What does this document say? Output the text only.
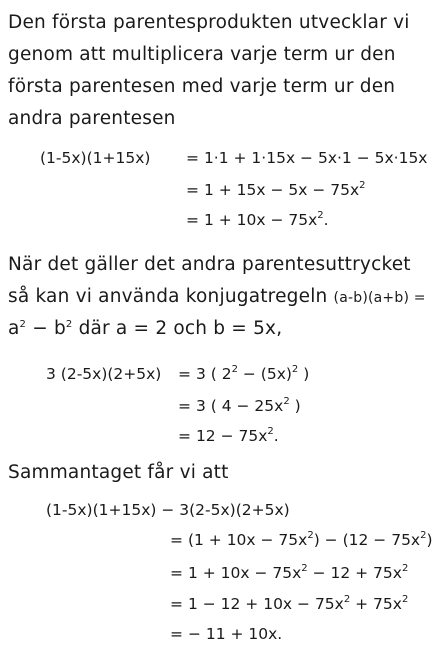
Den första parentesprodukten utvecklar vi
genom att multiplicera varje term ur den
första parentesen med varje term ur den
andra parentesen
(1-5x)(1+15x) = 1·1 + 1·15x − 5x·1 − 5x·15x
= $1 + 15x - 5x - 75x^2$
= $1 + 10x - 75x^2$.
När det gäller det andra parentesuttrycket
så kan vi använda konjugatregeln (a-b)(a+b) =
$a^2 - b^2$ där a = 2 och b = 5x,
3 (2-5x)(2+5x) = 3 ( $2^2 - (5x)^2$ )
= 3 ( $4 - 25x^2$ )
= $12 - 75x^2$.
Sammantaget får vi att
(1-5x)(1+15x) − 3(2-5x)(2+5x)
= $(1 + 10x - 75x^2) - (12 - 75x^2)$
= $1 + 10x - 75x^2 - 12 + 75x^2$
= $1 - 12 + 10x - 75x^2 + 75x^2$
= − 11 + 10x.
